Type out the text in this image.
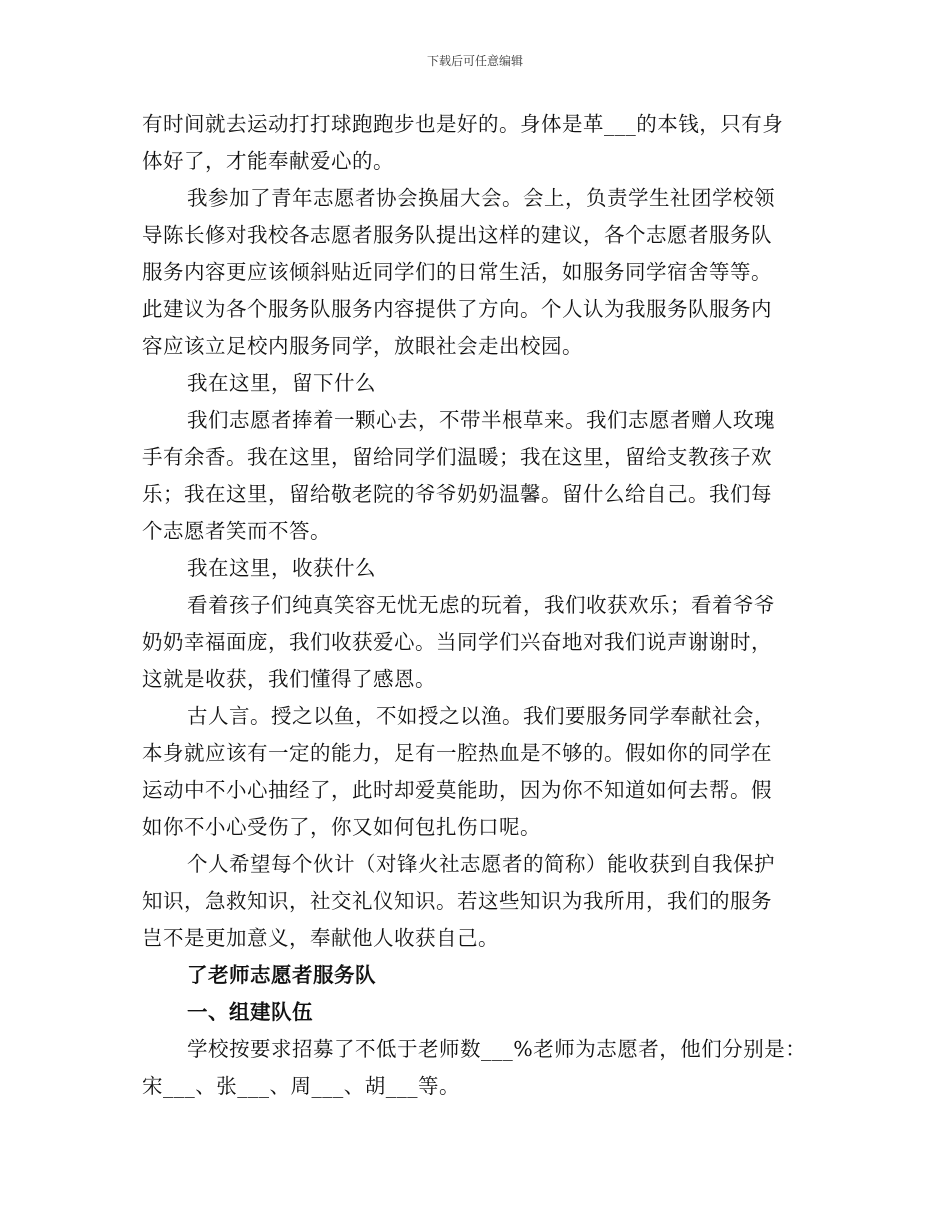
下载后可任意编辑
有时间就去运动打打球跑跑步也是好的。身体是革___的本钱，只有身
体好了，才能奉献爱心的。
我参加了青年志愿者协会换届大会。会上，负责学生社团学校领
导陈长修对我校各志愿者服务队提出这样的建议，各个志愿者服务队
服务内容更应该倾斜贴近同学们的日常生活，如服务同学宿舍等等。
此建议为各个服务队服务内容提供了方向。个人认为我服务队服务内
容应该立足校内服务同学，放眼社会走出校园。
我在这里，留下什么
我们志愿者捧着一颗心去，不带半根草来。我们志愿者赠人玫瑰
手有余香。我在这里，留给同学们温暖；我在这里，留给支教孩子欢
乐；我在这里，留给敬老院的爷爷奶奶温馨。留什么给自己。我们每
个志愿者笑而不答。
我在这里，收获什么
看着孩子们纯真笑容无忧无虑的玩着，我们收获欢乐；看着爷爷
奶奶幸福面庞，我们收获爱心。当同学们兴奋地对我们说声谢谢时，
这就是收获，我们懂得了感恩。
古人言。授之以鱼，不如授之以渔。我们要服务同学奉献社会，
本身就应该有一定的能力，足有一腔热血是不够的。假如你的同学在
运动中不小心抽经了，此时却爱莫能助，因为你不知道如何去帮。假
如你不小心受伤了，你又如何包扎伤口呢。
个人希望每个伙计（对锋火社志愿者的简称）能收获到自我保护
知识，急救知识，社交礼仪知识。若这些知识为我所用，我们的服务
岂不是更加意义，奉献他人收获自己。
了老师志愿者服务队
一、组建队伍
学校按要求招募了不低于老师数___%老师为志愿者，他们分别是：
宋___、张___、周___、胡___等。
